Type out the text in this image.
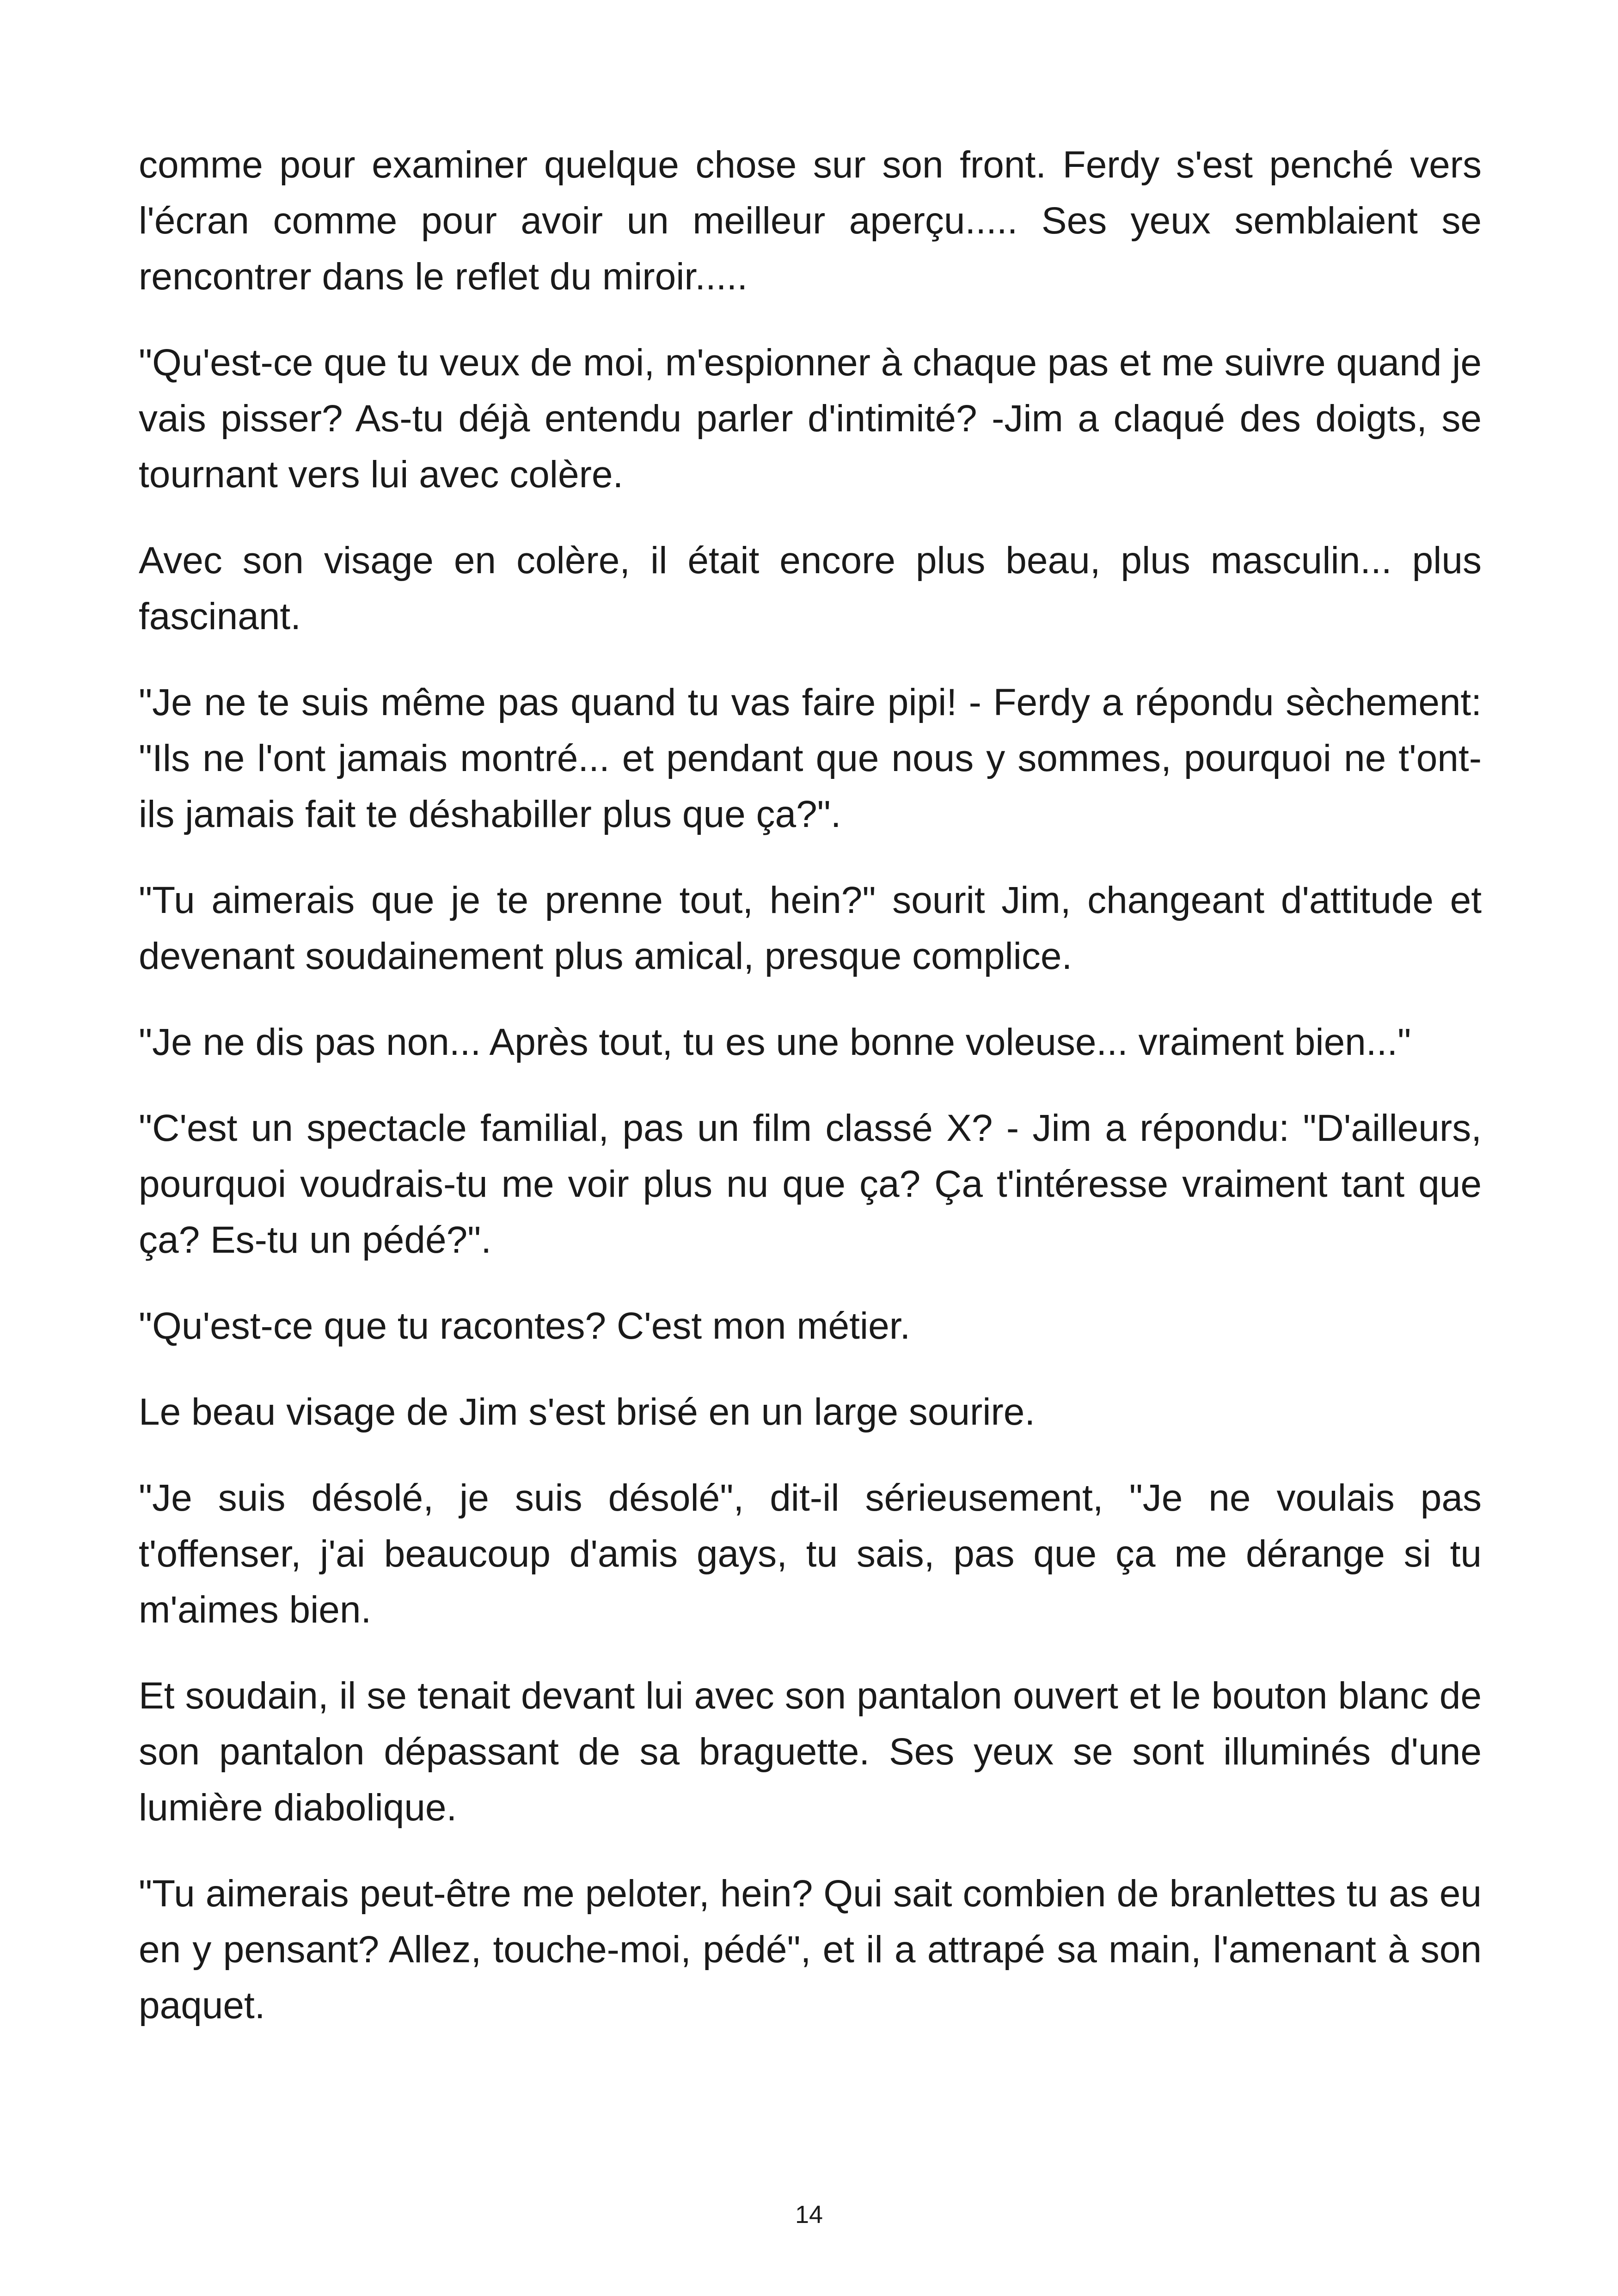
comme pour examiner quelque chose sur son front. Ferdy s'est penché vers l'écran comme pour avoir un meilleur aperçu..... Ses yeux semblaient se rencontrer dans le reflet du miroir.....

"Qu'est-ce que tu veux de moi, m'espionner à chaque pas et me suivre quand je vais pisser? As-tu déjà entendu parler d'intimité? -Jim a claqué des doigts, se tournant vers lui avec colère.

Avec son visage en colère, il était encore plus beau, plus masculin... plus fascinant.

"Je ne te suis même pas quand tu vas faire pipi! - Ferdy a répondu sèchement: "Ils ne l'ont jamais montré... et pendant que nous y sommes, pourquoi ne t'ont-ils jamais fait te déshabiller plus que ça?".

"Tu aimerais que je te prenne tout, hein?" sourit Jim, changeant d'attitude et devenant soudainement plus amical, presque complice.

"Je ne dis pas non... Après tout, tu es une bonne voleuse... vraiment bien..."

"C'est un spectacle familial, pas un film classé X? - Jim a répondu: "D'ailleurs, pourquoi voudrais-tu me voir plus nu que ça? Ça t'intéresse vraiment tant que ça? Es-tu un pédé?".

"Qu'est-ce que tu racontes? C'est mon métier.

Le beau visage de Jim s'est brisé en un large sourire.

"Je suis désolé, je suis désolé", dit-il sérieusement, "Je ne voulais pas t'offenser, j'ai beaucoup d'amis gays, tu sais, pas que ça me dérange si tu m'aimes bien.

Et soudain, il se tenait devant lui avec son pantalon ouvert et le bouton blanc de son pantalon dépassant de sa braguette. Ses yeux se sont illuminés d'une lumière diabolique.

"Tu aimerais peut-être me peloter, hein? Qui sait combien de branlettes tu as eu en y pensant? Allez, touche-moi, pédé", et il a attrapé sa main, l'amenant à son paquet.

14
